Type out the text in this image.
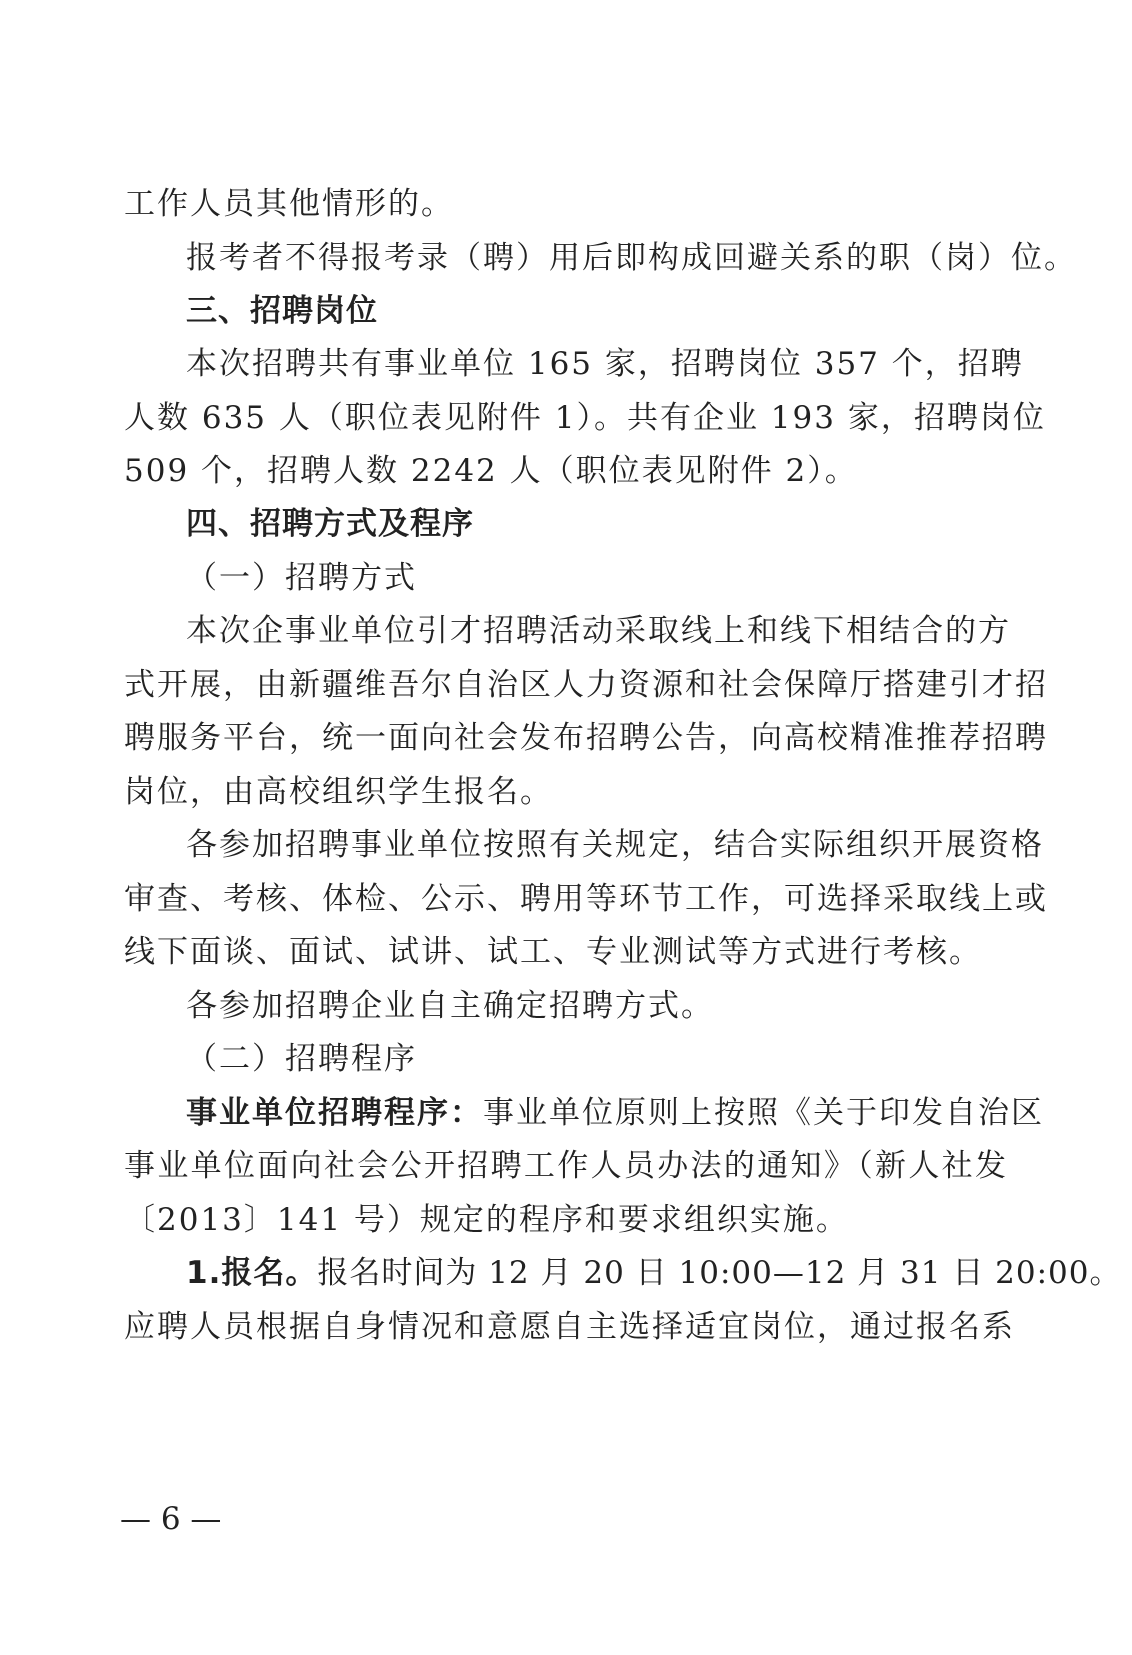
工作人员其他情形的。
报考者不得报考录（聘）用后即构成回避关系的职（岗）位。
三、招聘岗位
本次招聘共有事业单位 165 家，招聘岗位 357 个，招聘
人数 635 人（职位表见附件 1）。共有企业 193 家，招聘岗位
509 个，招聘人数 2242 人（职位表见附件 2）。
四、招聘方式及程序
（一）招聘方式
本次企事业单位引才招聘活动采取线上和线下相结合的方
式开展，由新疆维吾尔自治区人力资源和社会保障厅搭建引才招
聘服务平台，统一面向社会发布招聘公告，向高校精准推荐招聘
岗位，由高校组织学生报名。
各参加招聘事业单位按照有关规定，结合实际组织开展资格
审查、考核、体检、公示、聘用等环节工作，可选择采取线上或
线下面谈、面试、试讲、试工、专业测试等方式进行考核。
各参加招聘企业自主确定招聘方式。
（二）招聘程序
事业单位招聘程序：事业单位原则上按照《关于印发自治区
事业单位面向社会公开招聘工作人员办法的通知》（新人社发
〔2013〕141 号）规定的程序和要求组织实施。
1.报名。报名时间为 12 月 20 日 10:00—12 月 31 日 20:00。
应聘人员根据自身情况和意愿自主选择适宜岗位，通过报名系
— 6 —
